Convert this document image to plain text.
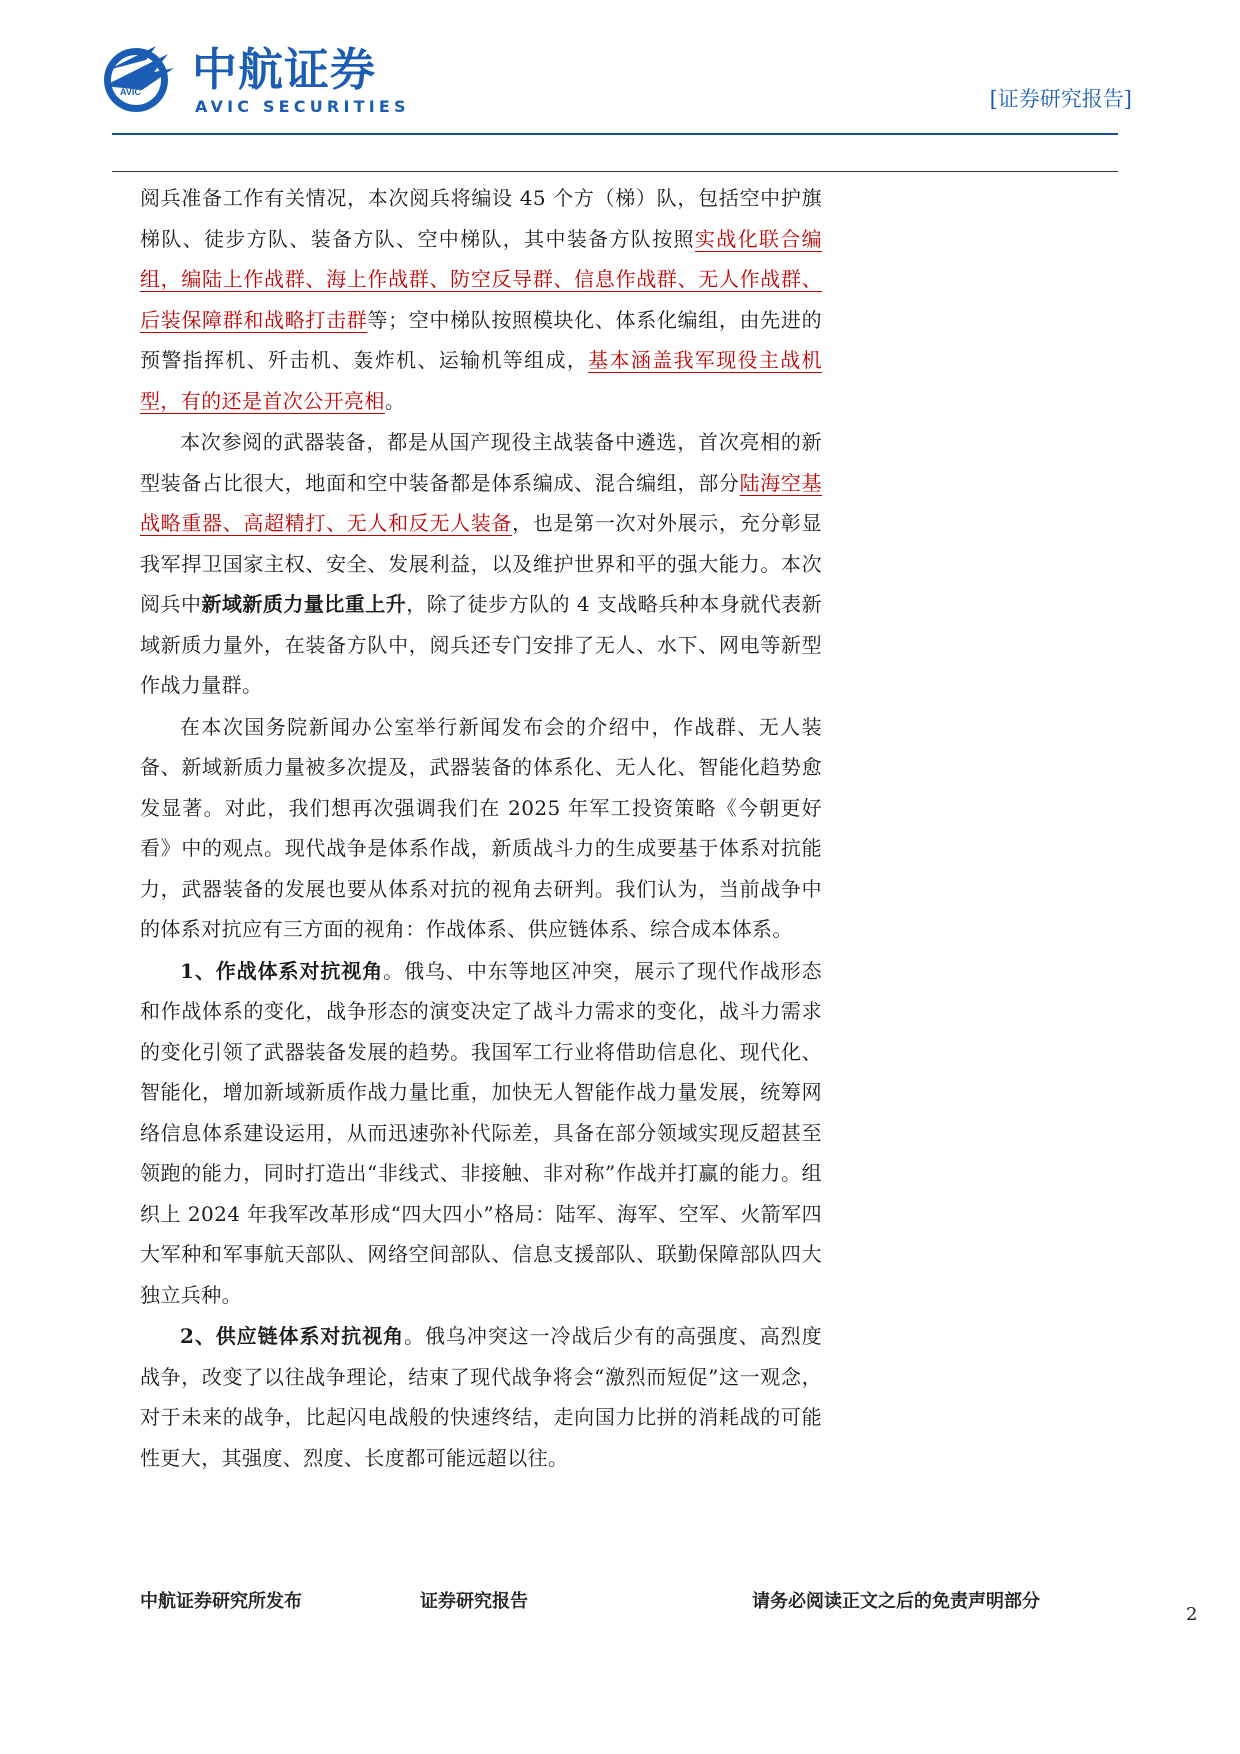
AVIC 中航证券
AVIC SECURITIES	[证券研究报告]

阅兵准备工作有关情况，本次阅兵将编设 45 个方（梯）队，包括空中护旗梯队、徒步方队、装备方队、空中梯队，其中装备方队按照实战化联合编组，编陆上作战群、海上作战群、防空反导群、信息作战群、无人作战群、后装保障群和战略打击群等；空中梯队按照模块化、体系化编组，由先进的预警指挥机、歼击机、轰炸机、运输机等组成，基本涵盖我军现役主战机型，有的还是首次公开亮相。

本次参阅的武器装备，都是从国产现役主战装备中遴选，首次亮相的新型装备占比很大，地面和空中装备都是体系编成、混合编组，部分陆海空基战略重器、高超精打、无人和反无人装备，也是第一次对外展示，充分彰显我军捍卫国家主权、安全、发展利益，以及维护世界和平的强大能力。本次阅兵中新域新质力量比重上升，除了徒步方队的 4 支战略兵种本身就代表新域新质力量外，在装备方队中，阅兵还专门安排了无人、水下、网电等新型作战力量群。

在本次国务院新闻办公室举行新闻发布会的介绍中，作战群、无人装备、新域新质力量被多次提及，武器装备的体系化、无人化、智能化趋势愈发显著。对此，我们想再次强调我们在 2025 年军工投资策略《今朝更好看》中的观点。现代战争是体系作战，新质战斗力的生成要基于体系对抗能力，武器装备的发展也要从体系对抗的视角去研判。我们认为，当前战争中的体系对抗应有三方面的视角：作战体系、供应链体系、综合成本体系。

1、作战体系对抗视角。俄乌、中东等地区冲突，展示了现代作战形态和作战体系的变化，战争形态的演变决定了战斗力需求的变化，战斗力需求的变化引领了武器装备发展的趋势。我国军工行业将借助信息化、现代化、智能化，增加新域新质作战力量比重，加快无人智能作战力量发展，统筹网络信息体系建设运用，从而迅速弥补代际差，具备在部分领域实现反超甚至领跑的能力，同时打造出“非线式、非接触、非对称”作战并打赢的能力。组织上 2024 年我军改革形成“四大四小”格局：陆军、海军、空军、火箭军四大军种和军事航天部队、网络空间部队、信息支援部队、联勤保障部队四大独立兵种。

2、供应链体系对抗视角。俄乌冲突这一冷战后少有的高强度、高烈度战争，改变了以往战争理论，结束了现代战争将会“激烈而短促”这一观念，对于未来的战争，比起闪电战般的快速终结，走向国力比拼的消耗战的可能性更大，其强度、烈度、长度都可能远超以往。

中航证券研究所发布	证券研究报告	请务必阅读正文之后的免责声明部分
2
